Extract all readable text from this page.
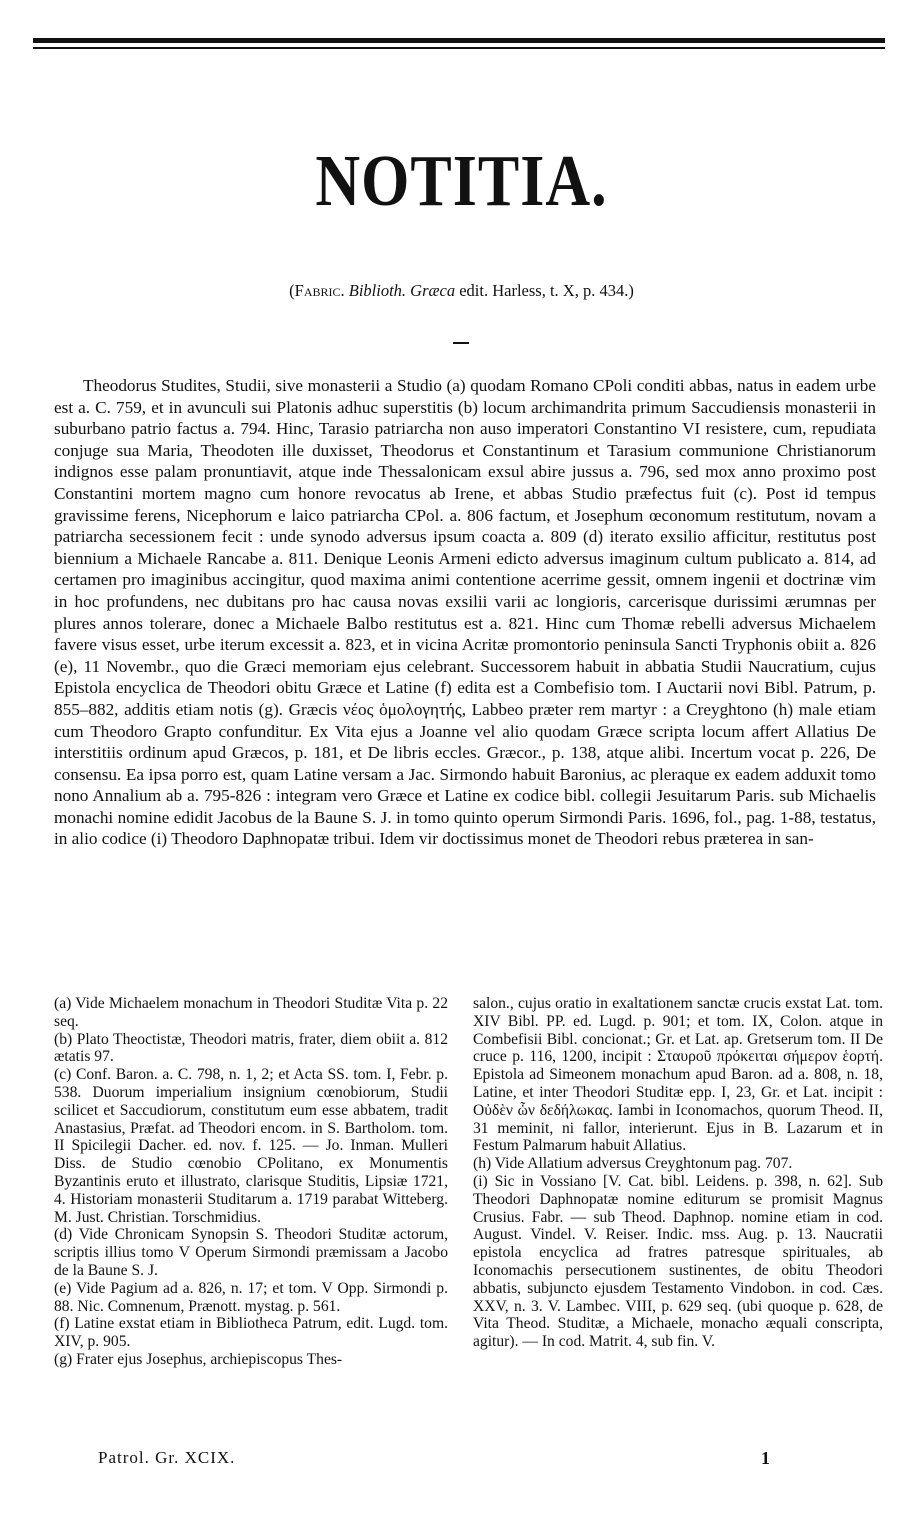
NOTITIA.
(Fabric. Biblioth. Græca edit. Harless, t. X, p. 434.)

Theodorus Studites, Studii, sive monasterii a Studio (a) quodam Romano CPoli conditi abbas, natus in eadem urbe est a. C. 759, et in avunculi sui Platonis adhuc superstitis (b) locum archimandrita primum Saccudiensis monasterii in suburbano patrio factus a. 794. Hinc, Tarasio patriarcha non auso imperatori Constantino VI resistere, cum, repudiata conjuge sua Maria, Theodoten ille duxisset, Theodorus et Constantinum et Tarasium communione Christianorum indignos esse palam pronuntiavit, atque inde Thessalonicam exsul abire jussus a. 796, sed mox anno proximo post Constantini mortem magno cum honore revocatus ab Irene, et abbas Studio præfectus fuit (c). Post id tempus gravissime ferens, Nicephorum e laico patriarcha CPol. a. 806 factum, et Josephum œconomum restitutum, novam a patriarcha secessionem fecit : unde synodo adversus ipsum coacta a. 809 (d) iterato exsilio afficitur, restitutus post biennium a Michaele Rancabe a. 811. Denique Leonis Armeni edicto adversus imaginum cultum publicato a. 814, ad certamen pro imaginibus accingitur, quod maxima animi contentione acerrime gessit, omnem ingenii et doctrinæ vim in hoc profundens, nec dubitans pro hac causa novas exsilii varii ac longioris, carcerisque durissimi ærumnas per plures annos tolerare, donec a Michaele Balbo restitutus est a. 821. Hinc cum Thomæ rebelli adversus Michaelem favere visus esset, urbe iterum excessit a. 823, et in vicina Acritæ promontorio peninsula Sancti Tryphonis obiit a. 826 (e), 11 Novembr., quo die Græci memoriam ejus celebrant. Successorem habuit in abbatia Studii Naucratium, cujus Epistola encyclica de Theodori obitu Græce et Latine (f) edita est a Combefisio tom. I Auctarii novi Bibl. Patrum, p. 855–882, additis etiam notis (g). Græcis νέος ὁμολογητής, Labbeo præter rem martyr : a Creyghtono (h) male etiam cum Theodoro Grapto confunditur. Ex Vita ejus a Joanne vel alio quodam Græce scripta locum affert Allatius De interstitiis ordinum apud Græcos, p. 181, et De libris eccles. Græcor., p. 138, atque alibi. Incertum vocat p. 226, De consensu. Ea ipsa porro est, quam Latine versam a Jac. Sirmondo habuit Baronius, ac pleraque ex eadem adduxit tomo nono Annalium ab a. 795-826 : integram vero Græce et Latine ex codice bibl. collegii Jesuitarum Paris. sub Michaelis monachi nomine edidit Jacobus de la Baune S. J. in tomo quinto operum Sirmondi Paris. 1696, fol., pag. 1-88, testatus, in alio codice (i) Theodoro Daphnopatæ tribui. Idem vir doctissimus monet de Theodori rebus præterea in san-

(a) Vide Michaelem monachum in Theodori Studitæ Vita p. 22 seq.

(b) Plato Theoctistæ, Theodori matris, frater, diem obiit a. 812 ætatis 97.

(c) Conf. Baron. a. C. 798, n. 1, 2; et Acta SS. tom. I, Febr. p. 538. Duorum imperialium insignium cœnobiorum, Studii scilicet et Saccudiorum, constitutum eum esse abbatem, tradit Anastasius, Præfat. ad Theodori encom. in S. Bartholom. tom. II Spicilegii Dacher. ed. nov. f. 125. — Jo. Inman. Mulleri Diss. de Studio cœnobio CPolitano, ex Monumentis Byzantinis eruto et illustrato, clarisque Studitis, Lipsiæ 1721, 4. Historiam monasterii Studitarum a. 1719 parabat Witteberg. M. Just. Christian. Torschmidius.

(d) Vide Chronicam Synopsin S. Theodori Studitæ actorum, scriptis illius tomo V Operum Sirmondi præmissam a Jacobo de la Baune S. J.

(e) Vide Pagium ad a. 826, n. 17; et tom. V Opp. Sirmondi p. 88. Nic. Comnenum, Prænott. mystag. p. 561.

(f) Latine exstat etiam in Bibliotheca Patrum, edit. Lugd. tom. XIV, p. 905.

(g) Frater ejus Josephus, archiepiscopus Thes-

salon., cujus oratio in exaltationem sanctæ crucis exstat Lat. tom. XIV Bibl. PP. ed. Lugd. p. 901; et tom. IX, Colon. atque in Combefisii Bibl. concionat.; Gr. et Lat. ap. Gretserum tom. II De cruce p. 116, 1200, incipit : Σταυροῦ πρόκειται σήμερον ἑορτή. Epistola ad Simeonem monachum apud Baron. ad a. 808, n. 18, Latine, et inter Theodori Studitæ epp. I, 23, Gr. et Lat. incipit : Οὐδὲν ὧν δεδήλωκας. Iambi in Iconomachos, quorum Theod. II, 31 meminit, ni fallor, interierunt. Ejus in B. Lazarum et in Festum Palmarum habuit Allatius.

(h) Vide Allatium adversus Creyghtonum pag. 707.

(i) Sic in Vossiano [V. Cat. bibl. Leidens. p. 398, n. 62]. Sub Theodori Daphnopatæ nomine editurum se promisit Magnus Crusius. Fabr. — sub Theod. Daphnop. nomine etiam in cod. August. Vindel. V. Reiser. Indic. mss. Aug. p. 13. Naucratii epistola encyclica ad fratres patresque spirituales, ab Iconomachis persecutionem sustinentes, de obitu Theodori abbatis, subjuncto ejusdem Testamento Vindobon. in cod. Cæs. XXV, n. 3. V. Lambec. VIII, p. 629 seq. (ubi quoque p. 628, de Vita Theod. Studitæ, a Michaele, monacho æquali conscripta, agitur). — In cod. Matrit. 4, sub fin. V.

Patrol. Gr. XCIX.	1
